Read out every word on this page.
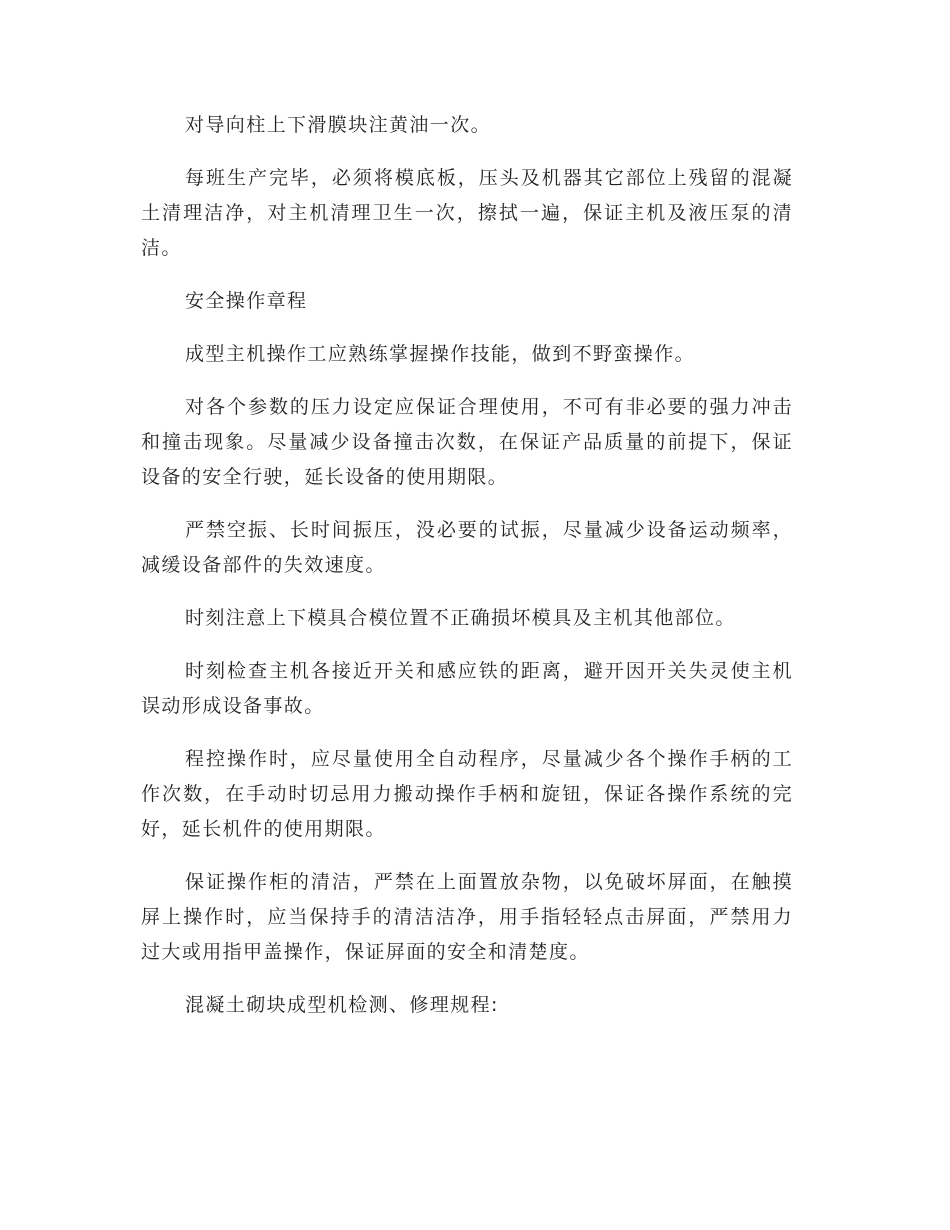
对导向柱上下滑膜块注黄油一次。

每班生产完毕，必须将模底板，压头及机器其它部位上残留的混凝土清理洁净，对主机清理卫生一次，擦拭一遍，保证主机及液压泵的清洁。

安全操作章程

成型主机操作工应熟练掌握操作技能，做到不野蛮操作。

对各个参数的压力设定应保证合理使用，不可有非必要的强力冲击和撞击现象。尽量减少设备撞击次数，在保证产品质量的前提下，保证设备的安全行驶，延长设备的使用期限。

严禁空振、长时间振压，没必要的试振，尽量减少设备运动频率，减缓设备部件的失效速度。

时刻注意上下模具合模位置不正确损坏模具及主机其他部位。

时刻检查主机各接近开关和感应铁的距离，避开因开关失灵使主机误动形成设备事故。

程控操作时，应尽量使用全自动程序，尽量减少各个操作手柄的工作次数，在手动时切忌用力搬动操作手柄和旋钮，保证各操作系统的完好，延长机件的使用期限。

保证操作柜的清洁，严禁在上面置放杂物，以免破坏屏面，在触摸屏上操作时，应当保持手的清洁洁净，用手指轻轻点击屏面，严禁用力过大或用指甲盖操作，保证屏面的安全和清楚度。

混凝土砌块成型机检测、修理规程:
